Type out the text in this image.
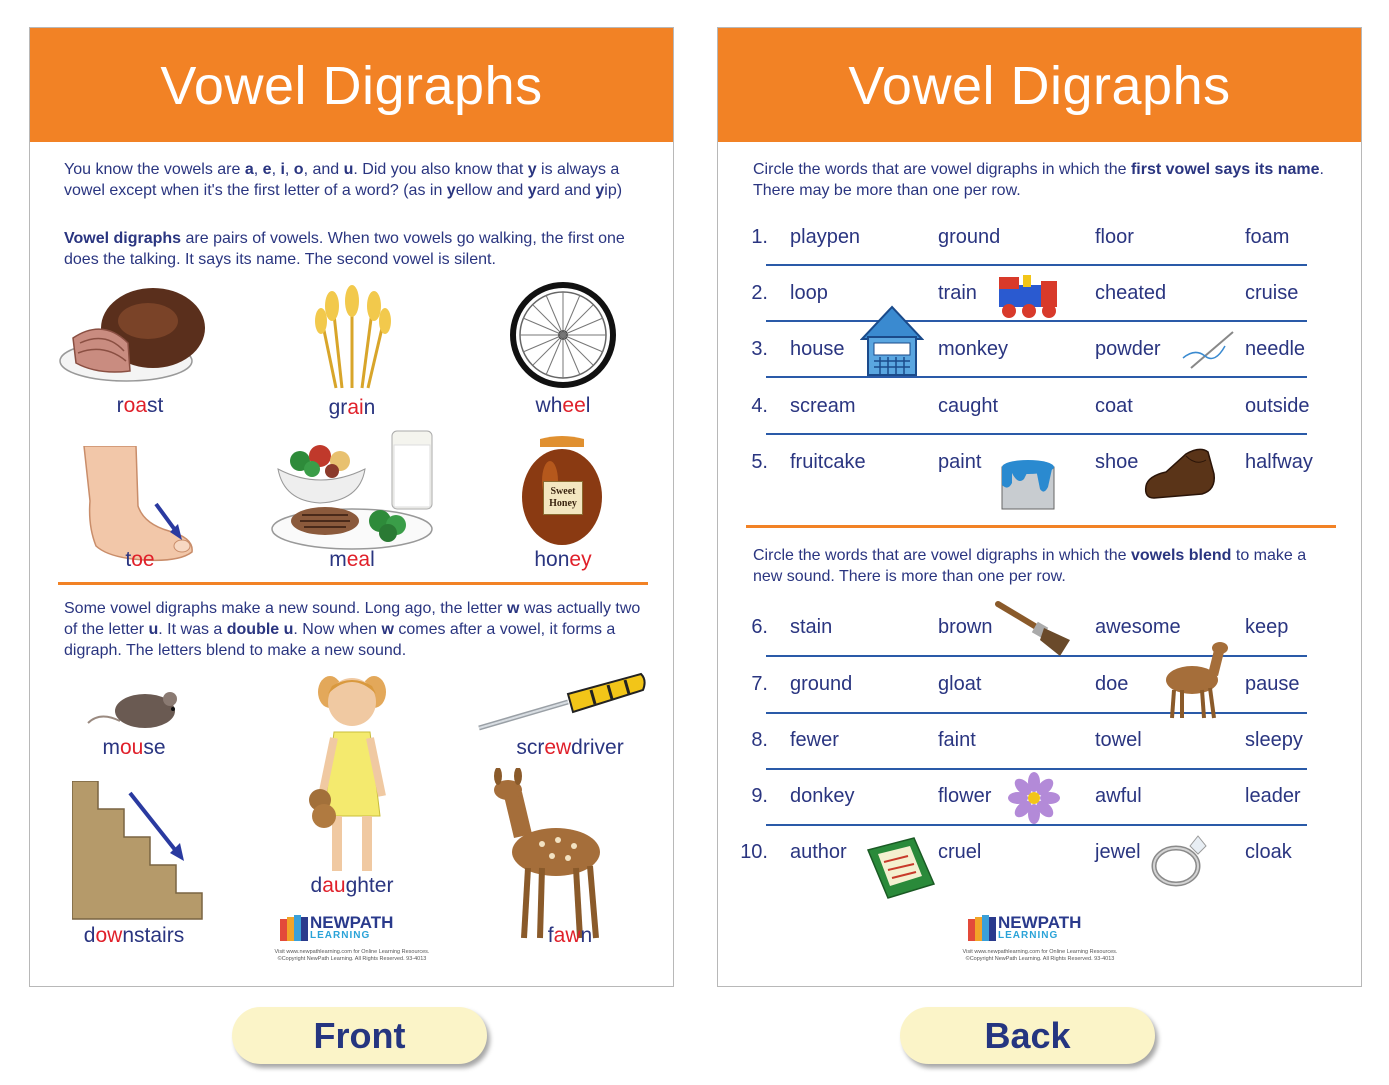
Vowel Digraphs
You know the vowels are a, e, i, o, and u. Did you also know that y is always a vowel except when it's the first letter of a word? (as in yellow and yard and yip)
Vowel digraphs are pairs of vowels. When two vowels go walking, the first one does the talking. It says its name. The second vowel is silent.
roast	grain	wheel
toe	meal
Sweet Honey
honey
Some vowel digraphs make a new sound. Long ago, the letter w was actually two of the letter u. It was a double u. Now when w comes after a vowel, it forms a digraph. The letters blend to make a new sound.
mouse	screwdriver
daughter
downstairs	fawn
NEWPATH
LEARNING
Visit www.newpathlearning.com for Online Learning Resources.
©Copyright NewPath Learning. All Rights Reserved. 93-4013
Vowel Digraphs
Circle the words that are vowel digraphs in which the first vowel says its name. There may be more than one per row.
1. playpen	ground	floor	foam
2. loop	train	cheated	cruise
3. house	monkey	powder	needle
4. scream	caught	coat	outside
5. fruitcake	paint	shoe	halfway
Circle the words that are vowel digraphs in which the vowels blend to make a new sound. There is more than one per row.
6. stain	brown	awesome	keep
7. ground	gloat	doe	pause
8. fewer	faint	towel	sleepy
9. donkey	flower	awful	leader
10. author	cruel	jewel	cloak
NEWPATH
LEARNING
Visit www.newpathlearning.com for Online Learning Resources.
©Copyright NewPath Learning. All Rights Reserved. 93-4013
Front	Back
